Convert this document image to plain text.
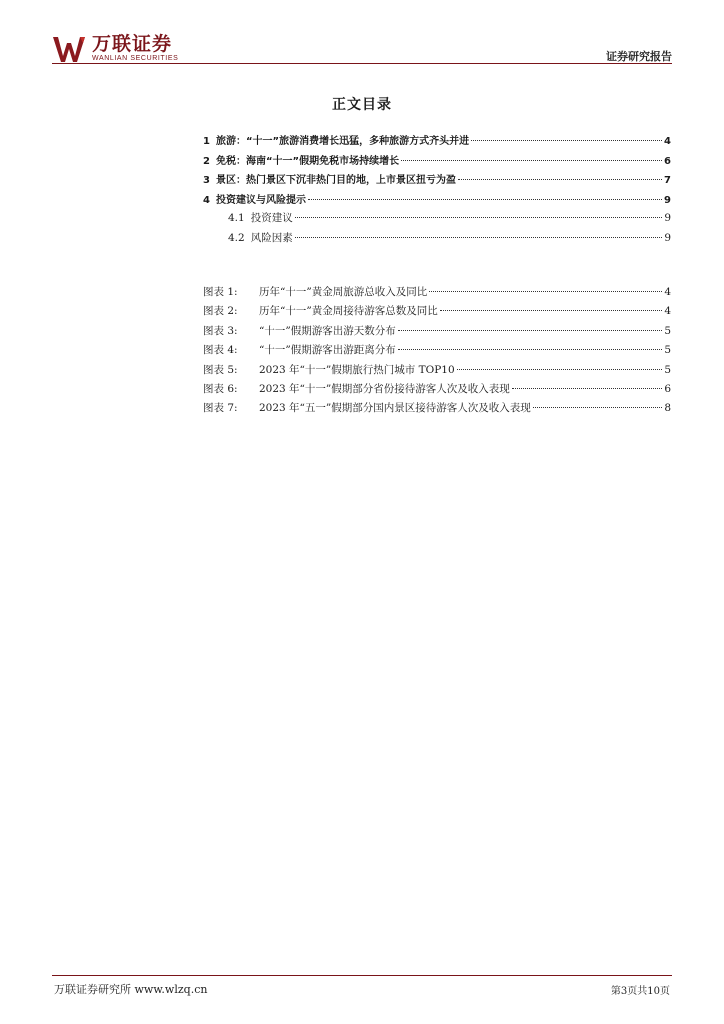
万联证券
WANLIAN SECURITIES	证券研究报告
正文目录
1 旅游：“十一”旅游消费增长迅猛，多种旅游方式齐头并进	4
2 免税：海南“十一”假期免税市场持续增长	6
3 景区：热门景区下沉非热门目的地，上市景区扭亏为盈	7
4 投资建议与风险提示	9
4.1 投资建议	9
4.2 风险因素	9
图表 1:	历年“十一”黄金周旅游总收入及同比	4
图表 2:	历年“十一”黄金周接待游客总数及同比	4
图表 3:	“十一”假期游客出游天数分布	5
图表 4:	“十一”假期游客出游距离分布	5
图表 5:	2023 年“十一”假期旅行热门城市 TOP10	5
图表 6:	2023 年“十一”假期部分省份接待游客人次及收入表现	6
图表 7:	2023 年“五一”假期部分国内景区接待游客人次及收入表现	8
万联证券研究所 www.wlzq.cn	第3页共10页
